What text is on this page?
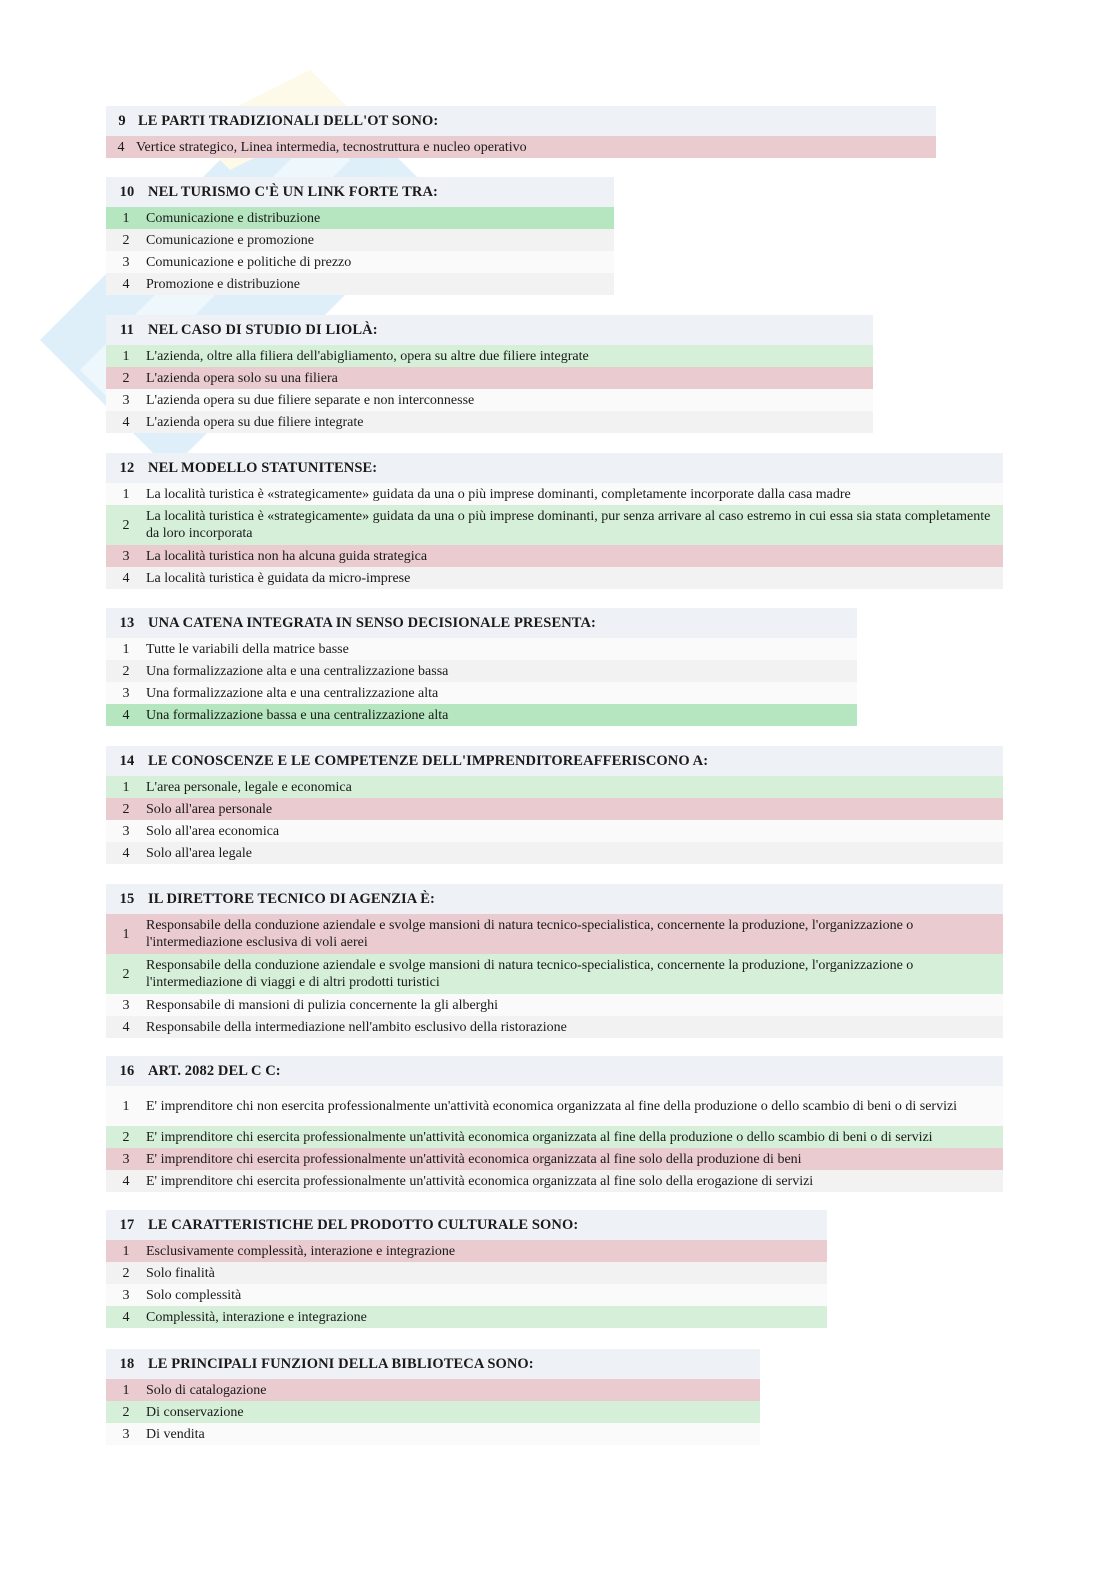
9 LE PARTI TRADIZIONALI DELL'OT SONO:
4 Vertice strategico, Linea intermedia, tecnostruttura e nucleo operativo
10 NEL TURISMO C'È UN LINK FORTE TRA:
1	Comunicazione e distribuzione
2	Comunicazione e promozione
3	Comunicazione e politiche di prezzo
4	Promozione e distribuzione
11 NEL CASO DI STUDIO DI LIOLÀ:
1	L'azienda, oltre alla filiera dell'abigliamento, opera su altre due filiere integrate
2	L'azienda opera solo su una filiera
3	L'azienda opera su due filiere separate e non interconnesse
4	L'azienda opera su due filiere integrate
12 NEL MODELLO STATUNITENSE:
1	La località turistica è «strategicamente» guidata da una o più imprese dominanti, completamente incorporate dalla casa madre
2
La località turistica è «strategicamente» guidata da una o più imprese dominanti, pur senza arrivare al caso estremo in cui essa sia stata completamente da loro incorporata
3	La località turistica non ha alcuna guida strategica
4	La località turistica è guidata da micro-imprese
13 UNA CATENA INTEGRATA IN SENSO DECISIONALE PRESENTA:
1	Tutte le variabili della matrice basse
2	Una formalizzazione alta e una centralizzazione bassa
3	Una formalizzazione alta e una centralizzazione alta
4	Una formalizzazione bassa e una centralizzazione alta
14 LE CONOSCENZE E LE COMPETENZE DELL'IMPRENDITOREAFFERISCONO A:
1	L'area personale, legale e economica
2	Solo all'area personale
3	Solo all'area economica
4	Solo all'area legale
15 IL DIRETTORE TECNICO DI AGENZIA È:
1
Responsabile della conduzione aziendale e svolge mansioni di natura tecnico-specialistica, concernente la produzione, l'organizzazione o l'intermediazione esclusiva di voli aerei
2
Responsabile della conduzione aziendale e svolge mansioni di natura tecnico-specialistica, concernente la produzione, l'organizzazione o l'intermediazione di viaggi e di altri prodotti turistici
3	Responsabile di mansioni di pulizia concernente la gli alberghi
4	Responsabile della intermediazione nell'ambito esclusivo della ristorazione
16 ART. 2082 DEL C C:
1	E' imprenditore chi non esercita professionalmente un'attività economica organizzata al fine della produzione o dello scambio di beni o di servizi
2	E' imprenditore chi esercita professionalmente un'attività economica organizzata al fine della produzione o dello scambio di beni o di servizi
3	E' imprenditore chi esercita professionalmente un'attività economica organizzata al fine solo della produzione di beni
4	E' imprenditore chi esercita professionalmente un'attività economica organizzata al fine solo della erogazione di servizi
17 LE CARATTERISTICHE DEL PRODOTTO CULTURALE SONO:
1	Esclusivamente complessità, interazione e integrazione
2	Solo finalità
3	Solo complessità
4	Complessità, interazione e integrazione
18 LE PRINCIPALI FUNZIONI DELLA BIBLIOTECA SONO:
1	Solo di catalogazione
2	Di conservazione
3	Di vendita
